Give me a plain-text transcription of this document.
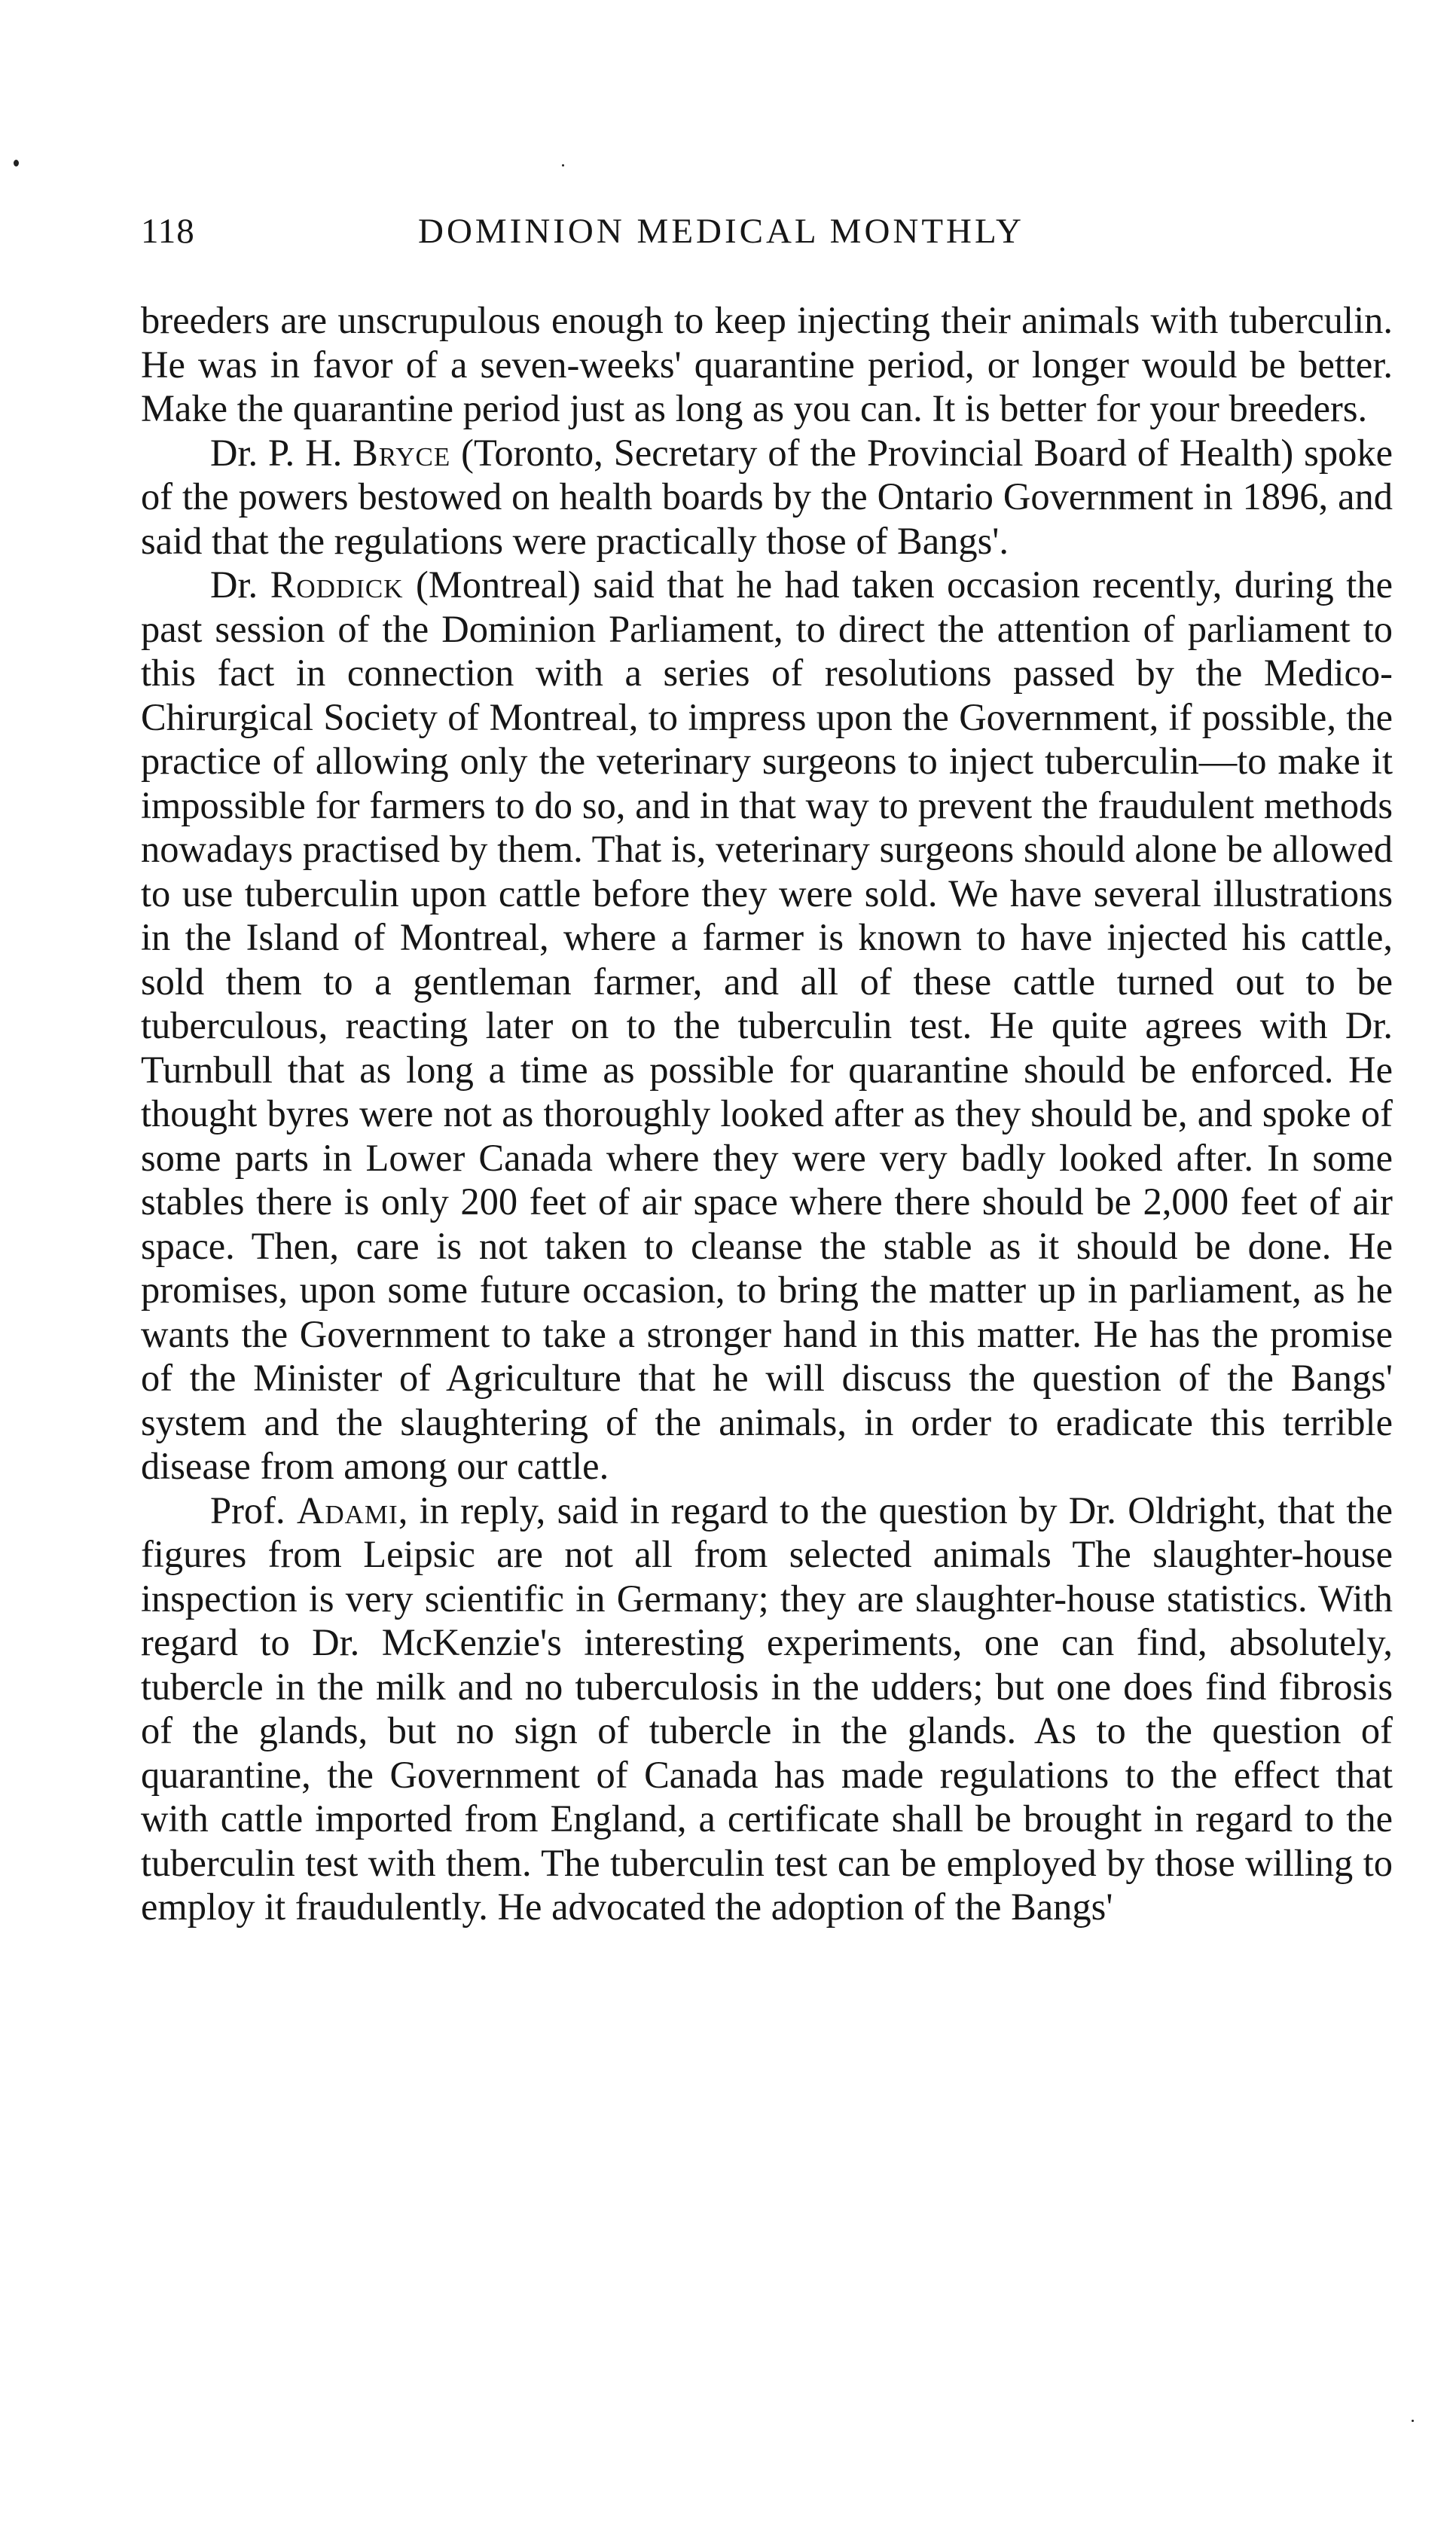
118	DOMINION MEDICAL MONTHLY

breeders are unscrupulous enough to keep injecting their animals with tuberculin. He was in favor of a seven-weeks' quarantine period, or longer would be better. Make the quarantine period just as long as you can. It is better for your breeders.

Dr. P. H. Bryce (Toronto, Secretary of the Provincial Board of Health) spoke of the powers bestowed on health boards by the Ontario Government in 1896, and said that the regulations were practically those of Bangs'.

Dr. Roddick (Montreal) said that he had taken occasion recently, during the past session of the Dominion Parliament, to direct the attention of parliament to this fact in connection with a series of resolutions passed by the Medico-Chirurgical Society of Montreal, to impress upon the Government, if possible, the practice of allowing only the veterinary surgeons to inject tuberculin—to make it impossible for farmers to do so, and in that way to prevent the fraudulent methods nowadays practised by them. That is, veterinary surgeons should alone be allowed to use tuberculin upon cattle before they were sold. We have several illustrations in the Island of Montreal, where a farmer is known to have injected his cattle, sold them to a gentleman farmer, and all of these cattle turned out to be tuberculous, reacting later on to the tuberculin test. He quite agrees with Dr. Turnbull that as long a time as possible for quarantine should be enforced. He thought byres were not as thoroughly looked after as they should be, and spoke of some parts in Lower Canada where they were very badly looked after. In some stables there is only 200 feet of air space where there should be 2,000 feet of air space. Then, care is not taken to cleanse the stable as it should be done. He promises, upon some future occasion, to bring the matter up in parliament, as he wants the Government to take a stronger hand in this matter. He has the promise of the Minister of Agriculture that he will discuss the question of the Bangs' system and the slaughtering of the animals, in order to eradicate this terrible disease from among our cattle.

Prof. Adami, in reply, said in regard to the question by Dr. Oldright, that the figures from Leipsic are not all from selected animals The slaughter-house inspection is very scientific in Germany; they are slaughter-house statistics. With regard to Dr. McKenzie's interesting experiments, one can find, absolutely, tubercle in the milk and no tuberculosis in the udders; but one does find fibrosis of the glands, but no sign of tubercle in the glands. As to the question of quarantine, the Government of Canada has made regulations to the effect that with cattle imported from England, a certificate shall be brought in regard to the tuberculin test with them. The tuberculin test can be employed by those willing to employ it fraudulently. He advocated the adoption of the Bangs'
